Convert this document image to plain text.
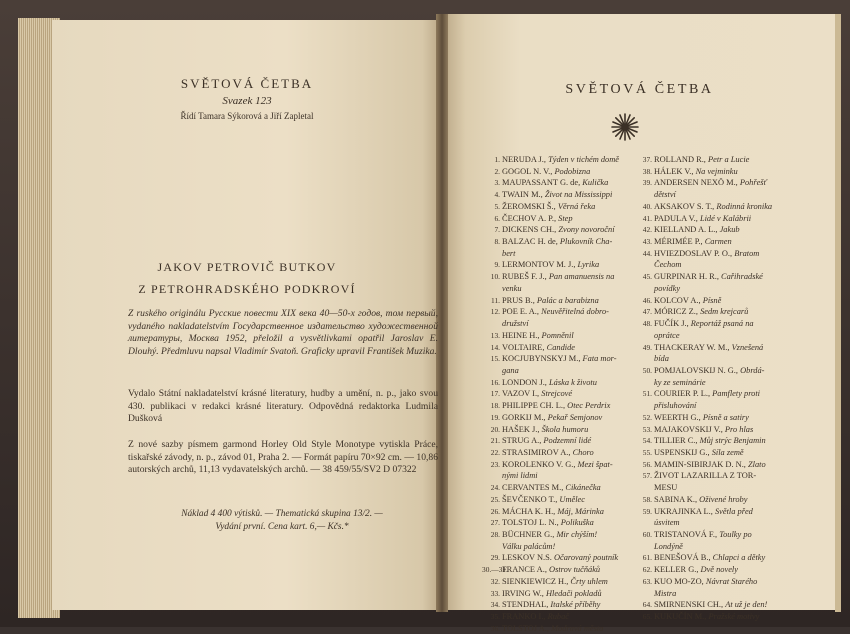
SVĚTOVÁ ČETBA
Svazek 123
Řídí Tamara Sýkorová a Jiří Zapletal
JAKOV PETROVIČ BUTKOV
Z PETROHRADSKÉHO PODKROVÍ
Z ruského originálu Русские повести XIX века 40—50-х годов, том первый, vydaného nakladatelstvím Государственное издательство художественной литературы, Москва 1952, přeložil a vysvětlivkami opatřil Jaroslav E. Dlouhý. Předmluvu napsal Vladimír Svatoň. Graficky upravil František Muzika.
Vydalo Státní nakladatelství krásné literatury, hudby a umění, n. p., jako svou 430. publikaci v redakci krásné literatury. Odpovědná redaktorka Ludmila Dušková
Z nové sazby písmem garmond Horley Old Style Monotype vytiskla Práce, tiskařské závody, n. p., závod 01, Praha 2. — Formát papíru 70×92 cm. — 10,86 autorských archů, 11,13 vydavatelských archů. — 38 459/55/SV2 D 07322
Náklad 4 400 výtisků. — Thematická skupina 13/2. —
Vydání první. Cena kart. 6,— Kčs.*
SVĚTOVÁ ČETBA
1. NERUDA J., Týden v tichém domě
2. GOGOL N. V., Podobizna
3. MAUPASSANT G. de, Kulička
4. TWAIN M., Život na Mississippi
5. ŽEROMSKI Š., Věrná řeka
6. ČECHOV A. P., Step
7. DICKENS CH., Zvony novoroční
8. BALZAC H. de, Plukovník Cha-
bert
9. LERMONTOV M. J., Lyrika
10. RUBEŠ F. J., Pan amanuensis na
venku
11. PRUS B., Palác a barabizna
12. POE E. A., Neuvěřitelná dobro-
družství
13. HEINE H., Pomněnil
14. VOLTAIRE, Candide
15. KOCJUBYNSKYJ M., Fata mor-
gana
16. LONDON J., Láska k životu
17. VAZOV I., Strejcové
18. PHILIPPE CH. L., Otec Perdrix
19. GORKIJ M., Pekař Semjonov
20. HAŠEK J., Škola humoru
21. STRUG A., Podzemní lidé
22. STRASIMIROV A., Choro
23. KOROLENKO V. G., Mezi špat-
nými lidmi
24. CERVANTES M., Cikánečka
25. ŠEVČENKO T., Umělec
26. MÁCHA K. H., Máj, Márinka
27. TOLSTOJ L. N., Polikuška
28. BÜCHNER G., Mir chýším!
Válku palácům!
29. LESKOV N.S. Očarovaný poutník
30.—31.FRANCE A., Ostrov tučňáků
32. SIENKIEWICZ H., Črty uhlem
33. IRVING W., Hledači pokladů
34. STENDHAL, Italské příběhy
35. FRANKO I., Rubač
36. TOLSTOJ A., Modravá města
37. ROLLAND R., Petr a Lucie
38. HÁLEK V., Na vejminku
39. ANDERSEN NEXÖ M., Pohřešť
dětství
40. AKSAKOV S. T., Rodinná kronika
41. PADULA V., Lidé v Kalábrii
42. KIELLAND A. L., Jakub
43. MÉRIMÉE P., Carmen
44. HVIEZDOSLAV P. O., Bratom
Čechom
45. GURPINAR H. R., Cařihradské
povídky
46. KOLCOV A., Písně
47. MÓRICZ Z., Sedm krejcarů
48. FUČÍK J., Reportáž psaná na
oprátce
49. THACKERAY W. M., Vznešená
bída
50. POMJALOVSKIJ N. G., Obrdá-
ky ze seminárie
51. COURIER P. L., Pamflety proti
přisluhování
52. WEERTH G., Písně a satiry
53. MAJAKOVSKIJ V., Pro hlas
54. TILLIER C., Můj strýc Benjamin
55. USPENSKIJ G., Síla země
56. MAMIN-SIBIRJAK D. N., Zlato
57. ŽIVOT LAZARILLA Z TOR-
MESU
58. SABINA K., Oživené hroby
59. UKRAJINKA L., Světla před
úsvitem
60. TRISTANOVÁ F., Toulky po
Londýně
61. BENEŠOVÁ B., Chlapci a dětky
62. KELLER G., Dvě novely
63. KUO MO-ZO, Návrat Starého
Mistra
64. SMIRNENSKI CH., At už je den!
65. KUKUČÍN M., Pražské motivy
